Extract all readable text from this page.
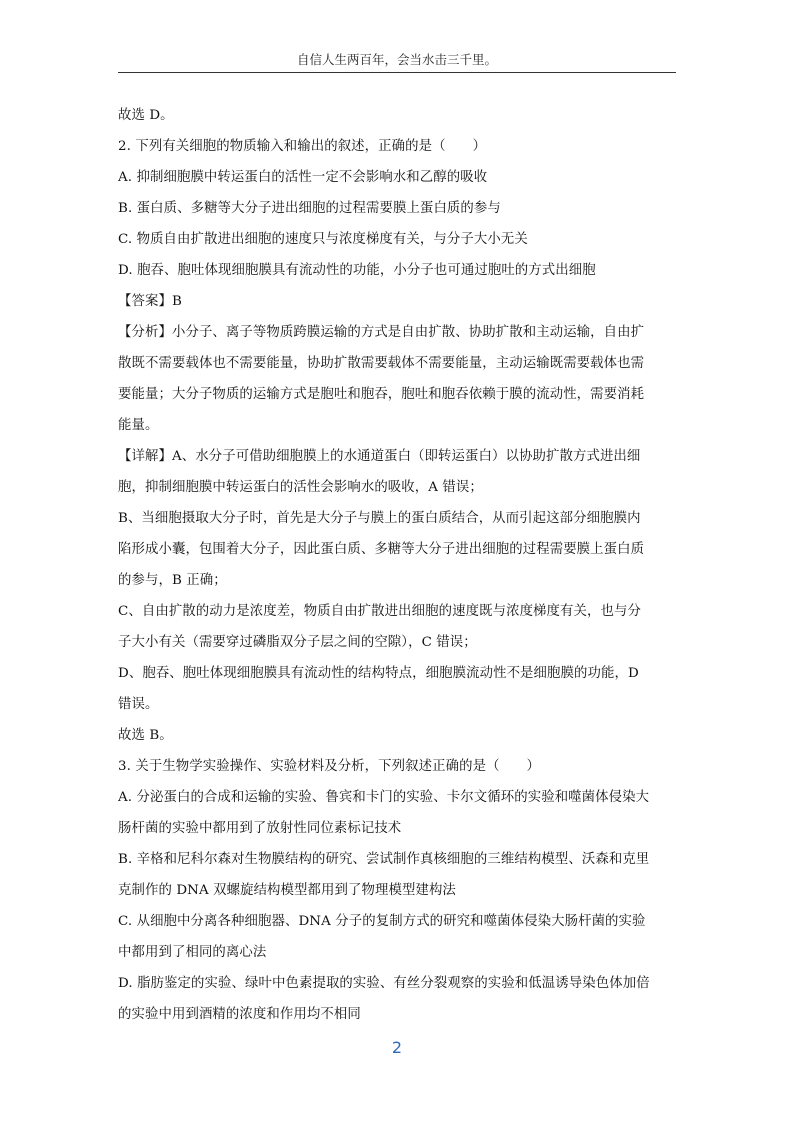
自信人生两百年，会当水击三千里。
故选 D。
2. 下列有关细胞的物质输入和输出的叙述，正确的是（　　）
A. 抑制细胞膜中转运蛋白的活性一定不会影响水和乙醇的吸收
B. 蛋白质、多糖等大分子进出细胞的过程需要膜上蛋白质的参与
C. 物质自由扩散进出细胞的速度只与浓度梯度有关，与分子大小无关
D. 胞吞、胞吐体现细胞膜具有流动性的功能，小分子也可通过胞吐的方式出细胞
【答案】B
【分析】小分子、离子等物质跨膜运输的方式是自由扩散、协助扩散和主动运输，自由扩
散既不需要载体也不需要能量，协助扩散需要载体不需要能量，主动运输既需要载体也需
要能量；大分子物质的运输方式是胞吐和胞吞，胞吐和胞吞依赖于膜的流动性，需要消耗
能量。
【详解】A、水分子可借助细胞膜上的水通道蛋白（即转运蛋白）以协助扩散方式进出细
胞，抑制细胞膜中转运蛋白的活性会影响水的吸收，A 错误；
B、当细胞摄取大分子时，首先是大分子与膜上的蛋白质结合，从而引起这部分细胞膜内
陷形成小囊，包围着大分子，因此蛋白质、多糖等大分子进出细胞的过程需要膜上蛋白质
的参与，B 正确；
C、自由扩散的动力是浓度差，物质自由扩散进出细胞的速度既与浓度梯度有关，也与分
子大小有关（需要穿过磷脂双分子层之间的空隙），C 错误；
D、胞吞、胞吐体现细胞膜具有流动性的结构特点，细胞膜流动性不是细胞膜的功能，D
错误。
故选 B。
3. 关于生物学实验操作、实验材料及分析，下列叙述正确的是（　　）
A. 分泌蛋白的合成和运输的实验、鲁宾和卡门的实验、卡尔文循环的实验和噬菌体侵染大
肠杆菌的实验中都用到了放射性同位素标记技术
B. 辛格和尼科尔森对生物膜结构的研究、尝试制作真核细胞的三维结构模型、沃森和克里
克制作的 DNA 双螺旋结构模型都用到了物理模型建构法
C. 从细胞中分离各种细胞器、DNA 分子的复制方式的研究和噬菌体侵染大肠杆菌的实验
中都用到了相同的离心法
D. 脂肪鉴定的实验、绿叶中色素提取的实验、有丝分裂观察的实验和低温诱导染色体加倍
的实验中用到酒精的浓度和作用均不相同
2
